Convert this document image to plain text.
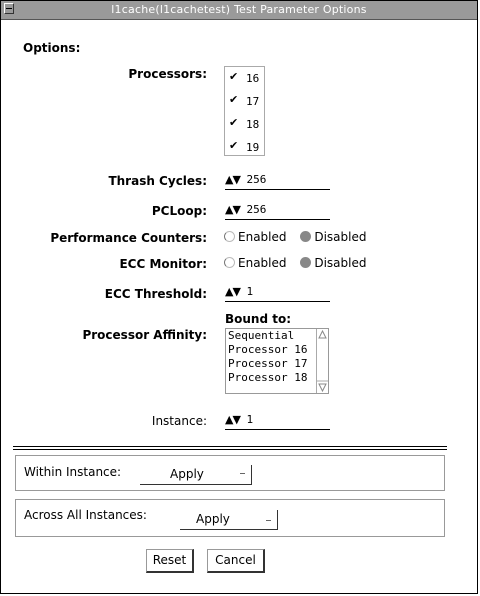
l1cache(l1cachetest) Test Parameter Options
Options:
Processors:
✔	16
✔17
✔18
✔19
Thrash Cycles: ▲▼ 256
PCLoop: ▲▼ 256
Performance Counters:	Enabled Disabled
ECC Monitor:	Enabled Disabled
ECC Threshold: ▲▼ 1
Bound to:
Processor Affinity: Sequential
Processor 16
Processor 17
Processor 18
Instance: ▲▼ 1
Within Instance:	Apply
Across All Instances:	Apply
Reset	Cancel
